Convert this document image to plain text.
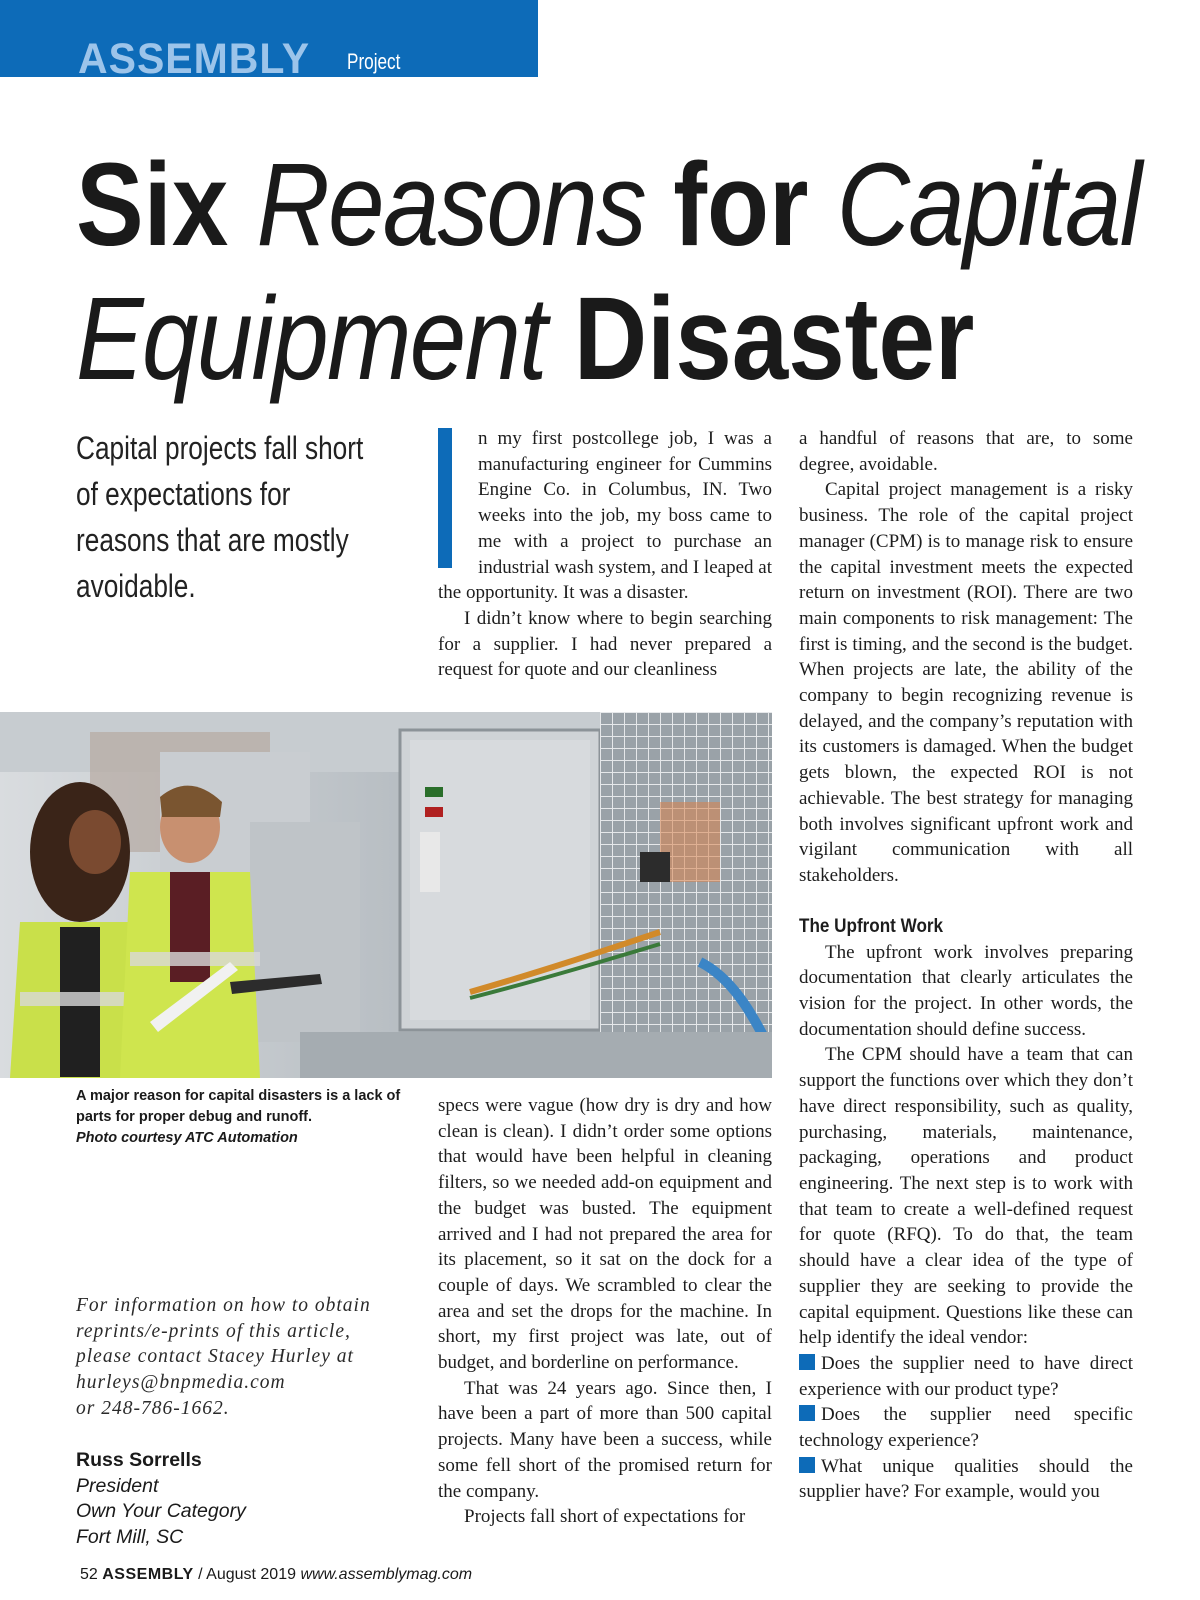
ASSEMBLY Project Management
Six Reasons for Capital
Equipment Disaster
Capital projects fall short of expectations for reasons that are mostly avoidable.

n my first postcollege job, I was a manufacturing engineer for Cummins Engine Co. in Columbus, IN. Two weeks into the job, my boss came to me with a project to purchase an industrial wash system, and I leaped at the opportunity. It was a disaster.

I didn’t know where to begin searching for a supplier. I had never prepared a request for quote and our cleanliness

A major reason for capital disasters is a lack of parts for proper debug and runoff.
Photo courtesy ATC Automation
For information on how to obtain
reprints/e-prints of this article,
please contact Stacey Hurley at
hurleys@bnpmedia.com
or 248-786-1662.
Russ Sorrells
President
Own Your Category
Fort Mill, SC

specs were vague (how dry is dry and how clean is clean). I didn’t order some options that would have been helpful in cleaning filters, so we needed add-on equipment and the budget was busted. The equipment arrived and I had not prepared the area for its placement, so it sat on the dock for a couple of days. We scrambled to clear the area and set the drops for the machine. In short, my first project was late, out of budget, and borderline on performance.

That was 24 years ago. Since then, I have been a part of more than 500 capital projects. Many have been a success, while some fell short of the promised return for the company.

Projects fall short of expectations for

a handful of reasons that are, to some degree, avoidable.

Capital project management is a risky business. The role of the capital project manager (CPM) is to manage risk to ensure the capital investment meets the expected return on investment (ROI). There are two main components to risk management: The first is timing, and the second is the budget. When projects are late, the ability of the company to begin recognizing revenue is delayed, and the company’s reputation with its customers is damaged. When the budget gets blown, the expected ROI is not achievable. The best strategy for managing both involves significant upfront work and vigilant communication with all stakeholders.

The Upfront Work

The upfront work involves preparing documentation that clearly articulates the vision for the project. In other words, the documentation should define success.

The CPM should have a team that can support the functions over which they don’t have direct responsibility, such as quality, purchasing, materials, maintenance, packaging, operations and product engineering. The next step is to work with that team to create a well-defined request for quote (RFQ). To do that, the team should have a clear idea of the type of supplier they are seeking to provide the capital equipment. Questions like these can help identify the ideal vendor:

Does the supplier need to have direct experience with our product type?

Does the supplier need specific technology experience?

What unique qualities should the supplier have? For example, would you

52 ASSEMBLY / August 2019 www.assemblymag.com
